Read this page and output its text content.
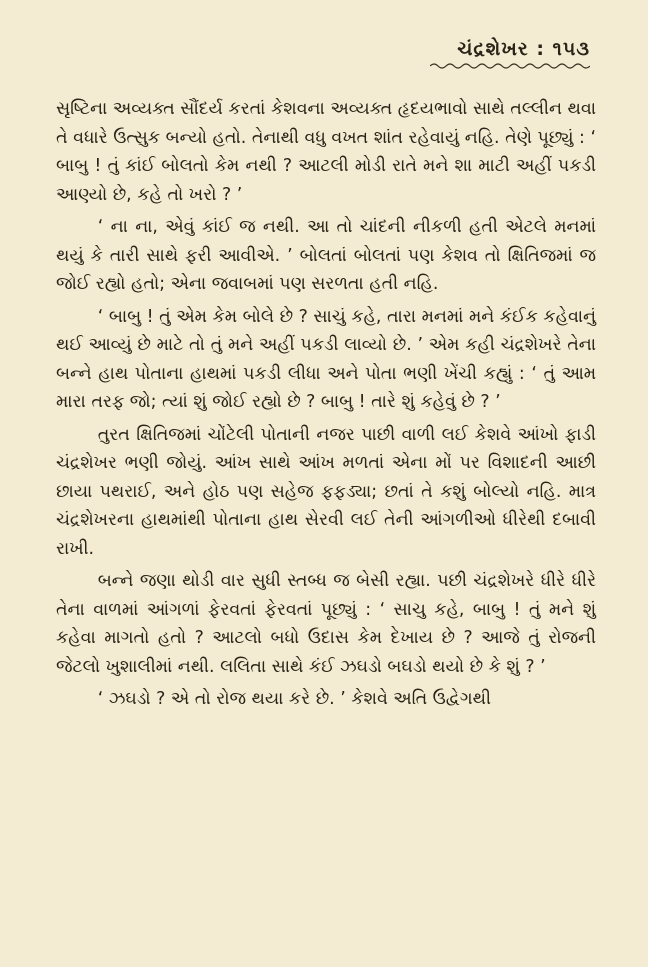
ચંદ્રશેખર : ૧૫૩

સૃષ્ટિના અવ્યક્ત સૌંદર્ય કરતાં કેશવના અવ્યક્ત હૃદયભાવો સાથે તલ્લીન થવા તે વધારે ઉત્સુક બન્યો હતો. તેનાથી વધુ વખત શાંત રહેવાયું નહિ. તેણે પૂછ્યું : ‘ બાબુ ! તું કાંઈ બોલતો કેમ નથી ? આટલી મોડી રાતે મને શા માટી અહીં પકડી આણ્યો છે, કહે તો ખરો ? ’

‘ ના ના, એવું કાંઈ જ નથી. આ તો ચાંદની નીકળી હતી એટલે મનમાં થયું કે તારી સાથે ફરી આવીએ. ’ બોલતાં બોલતાં પણ કેશવ તો ક્ષિતિજમાં જ જોઈ રહ્યો હતો; એના જવાબમાં પણ સરળતા હતી નહિ.

‘ બાબુ ! તું એમ કેમ બોલે છે ? સાચું કહે, તારા મનમાં મને કંઈક કહેવાનું થઈ આવ્યું છે માટે તો તું મને અહીં પકડી લાવ્યો છે. ’ એમ કહી ચંદ્રશેખરે તેના બન્ને હાથ પોતાના હાથમાં પકડી લીધા અને પોતા ભણી ખેંચી કહ્યું : ‘ તું આમ મારા તરફ જો; ત્યાં શું જોઈ રહ્યો છે ? બાબુ ! તારે શું કહેવું છે ? ’

તુરત ક્ષિતિજમાં ચોંટેલી પોતાની નજર પાછી વાળી લઈ કેશવે આંખો ફાડી ચંદ્રશેખર ભણી જોયું. આંખ સાથે આંખ મળતાં એના મોં પર વિશાદની આછી છાયા પથરાઈ, અને હોઠ પણ સહેજ ફફડ્યા; છતાં તે કશું બોલ્યો નહિ. માત્ર ચંદ્રશેખરના હાથમાંથી પોતાના હાથ સેરવી લઈ તેની આંગળીઓ ધીરેથી દબાવી રાખી.

બન્ને જણા થોડી વાર સુધી સ્તબ્ધ જ બેસી રહ્યા. પછી ચંદ્રશેખરે ધીરે ધીરે તેના વાળમાં આંગળાં ફેરવતાં ફેરવતાં પૂછ્યું : ‘ સાચુ કહે, બાબુ ! તું મને શું કહેવા માગતો હતો ? આટલો બધો ઉદાસ કેમ દેખાય છે ? આજે તું રોજની જેટલો ખુશાલીમાં નથી. લલિતા સાથે કંઈ ઝઘડો બઘડો થયો છે કે શું ? ’

‘ ઝઘડો ? એ તો રોજ થયા કરે છે. ’ કેશવે અતિ ઉદ્વેગથી
